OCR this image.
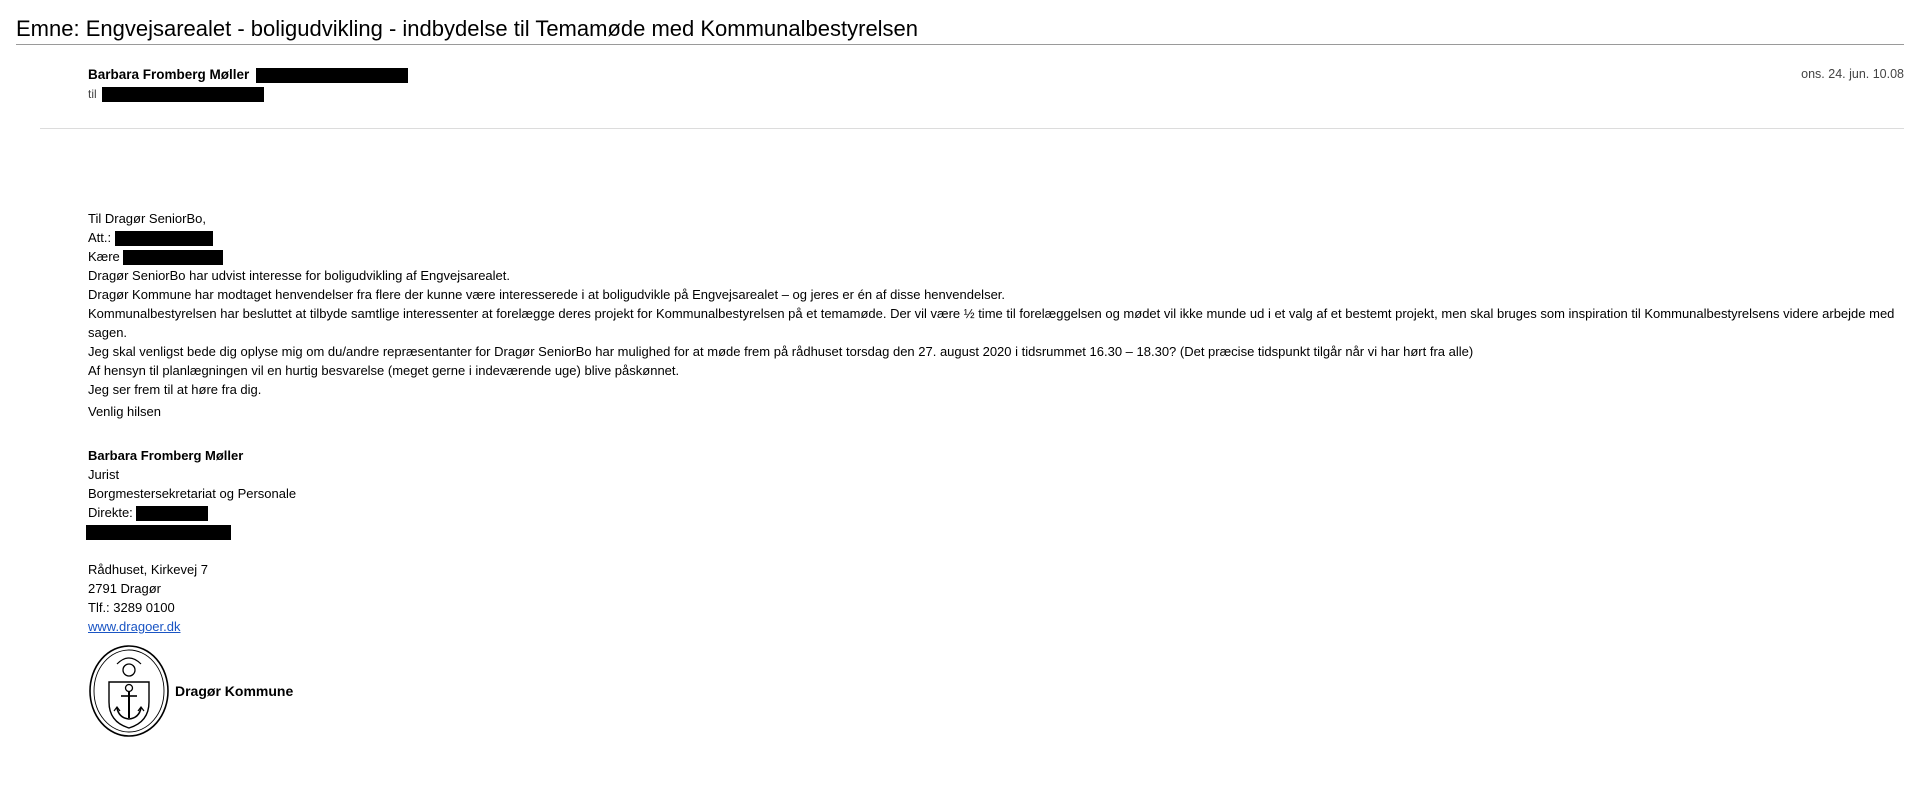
Emne: Engvejsarealet - boligudvikling - indbydelse til Temamøde med Kommunalbestyrelsen
Barbara Fromberg Møller
til
ons. 24. jun. 10.08

Til Dragør SeniorBo,

Att.:

Kære

Dragør SeniorBo har udvist interesse for boligudvikling af Engvejsarealet.

Dragør Kommune har modtaget henvendelser fra flere der kunne være interesserede i at boligudvikle på Engvejsarealet – og jeres er én af disse henvendelser.

Kommunalbestyrelsen har besluttet at tilbyde samtlige interessenter at forelægge deres projekt for Kommunalbestyrelsen på et temamøde. Der vil være ½ time til forelæggelsen og mødet vil ikke munde ud i et valg af et bestemt projekt, men skal bruges som inspiration til Kommunalbestyrelsens videre arbejde med sagen.

Jeg skal venligst bede dig oplyse mig om du/andre repræsentanter for Dragør SeniorBo har mulighed for at møde frem på rådhuset torsdag den 27. august 2020 i tidsrummet 16.30 – 18.30? (Det præcise tidspunkt tilgår når vi har hørt fra alle)

Af hensyn til planlægningen vil en hurtig besvarelse (meget gerne i indeværende uge) blive påskønnet.

Jeg ser frem til at høre fra dig.

Venlig hilsen

Barbara Fromberg Møller

Jurist

Borgmestersekretariat og Personale

Direkte:

Rådhuset, Kirkevej 7

2791 Dragør

Tlf.: 3289 0100

www.dragoer.dk

Dragør Kommune
